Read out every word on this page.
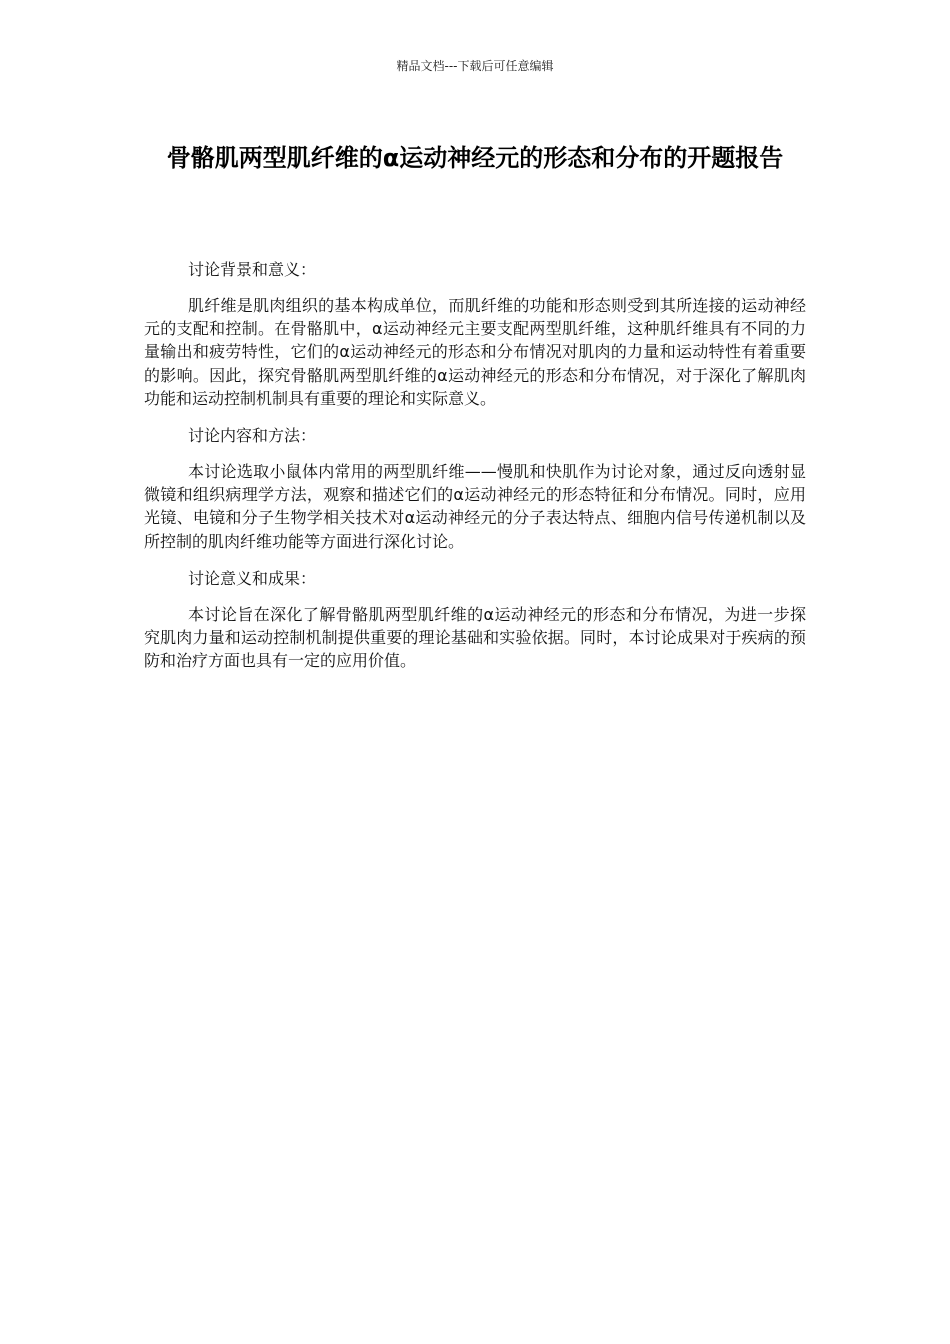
精品文档---下载后可任意编辑
骨骼肌两型肌纤维的α运动神经元的形态和分布的开题报告

讨论背景和意义：

肌纤维是肌肉组织的基本构成单位，而肌纤维的功能和形态则受到其所连接的运动神经元的支配和控制。在骨骼肌中，α运动神经元主要支配两型肌纤维，这种肌纤维具有不同的力量输出和疲劳特性，它们的α运动神经元的形态和分布情况对肌肉的力量和运动特性有着重要的影响。因此，探究骨骼肌两型肌纤维的α运动神经元的形态和分布情况，对于深化了解肌肉功能和运动控制机制具有重要的理论和实际意义。

讨论内容和方法：

本讨论选取小鼠体内常用的两型肌纤维——慢肌和快肌作为讨论对象，通过反向透射显微镜和组织病理学方法，观察和描述它们的α运动神经元的形态特征和分布情况。同时，应用光镜、电镜和分子生物学相关技术对α运动神经元的分子表达特点、细胞内信号传递机制以及所控制的肌肉纤维功能等方面进行深化讨论。

讨论意义和成果：

本讨论旨在深化了解骨骼肌两型肌纤维的α运动神经元的形态和分布情况，为进一步探究肌肉力量和运动控制机制提供重要的理论基础和实验依据。同时，本讨论成果对于疾病的预防和治疗方面也具有一定的应用价值。
